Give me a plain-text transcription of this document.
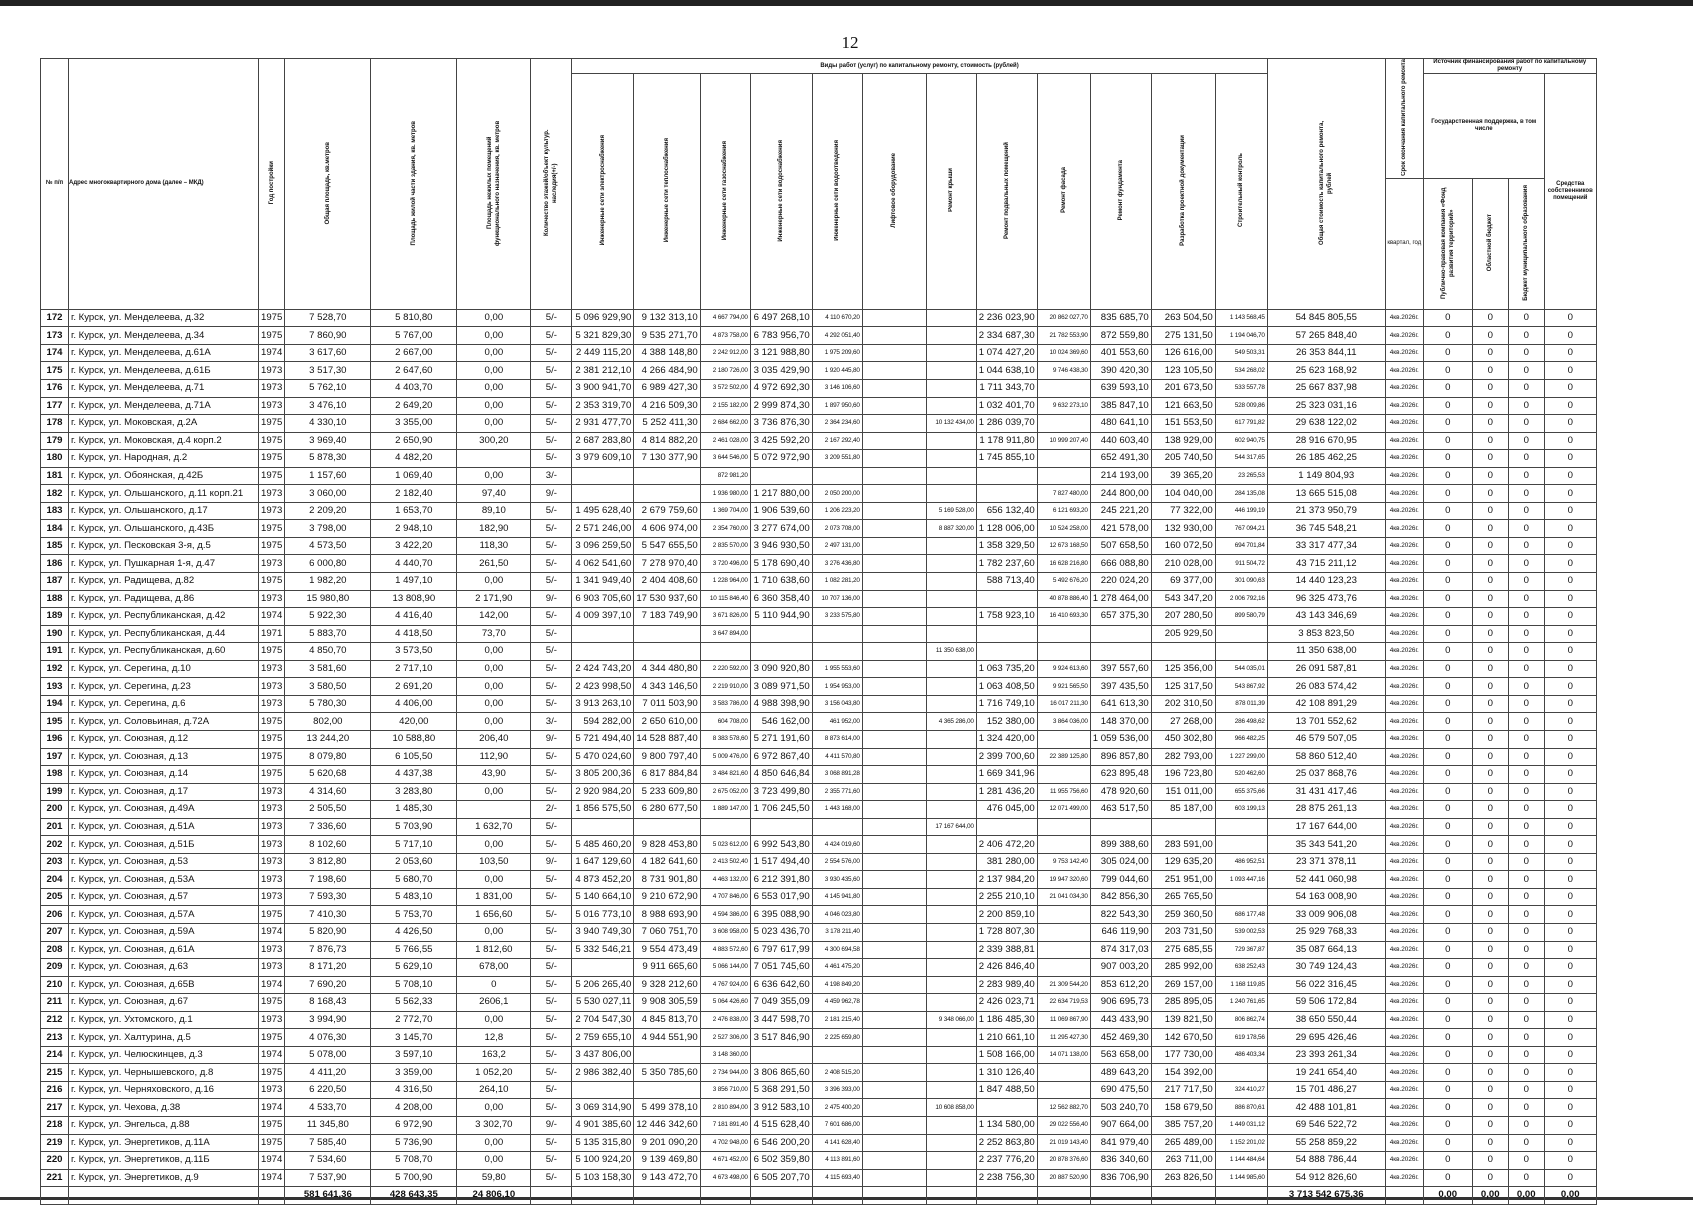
12
№ п/п	Адрес многоквартирного дома (далее – МКД)	Год постройки	Общая площадь, кв.метров	Площадь жилой части здания, кв. метров	Площадь нежилых помещений функционального назначения, кв. метров	Количество этажей/объект культур. наследия(+/-)	Виды работ (услуг) по капитальному ремонту, стоимость (рублей)												Общая стоимость капитального ремонта, рублей	Срок окончания капитального ремонта	Источник финансирования работ по капитальному ремонту			
							Инженерные сети электроснабжения	Инженерные сети теплоснабжения	Инженерные сети газоснабжения	Инженерные сети водоснабжения	Инженерные сети водоотведения	Лифтовое оборудование	Ремонт крыши	Ремонт подвальных помещений	Ремонт фасада	Ремонт фундамента	Разработка проектной документации	Строительный контроль			Государственная поддержка, в том числе			Средства собственников помещений
																				квартал, год	Публично-правовая компания «Фонд развития территорий»	Областной бюджет	Бюджет муниципального образования	
172	г. Курск, ул. Менделеева, д.32	1975	7 528,70	5 810,80	0,00	5/-	5 096 929,90	9 132 313,10	4 667 794,00	6 497 268,10	4 110 670,20			2 236 023,90	20 862 027,70	835 685,70	263 504,50	1 143 568,45	54 845 805,55	4кв.2026г.	0	0	0	0
173	г. Курск, ул. Менделеева, д.34	1975	7 860,90	5 767,00	0,00	5/-	5 321 829,30	9 535 271,70	4 873 758,00	6 783 956,70	4 292 051,40			2 334 687,30	21 782 553,90	872 559,80	275 131,50	1 194 046,70	57 265 848,40	4кв.2026г.	0	0	0	0
174	г. Курск, ул. Менделеева, д.61А	1974	3 617,60	2 667,00	0,00	5/-	2 449 115,20	4 388 148,80	2 242 912,00	3 121 988,80	1 975 209,60			1 074 427,20	10 024 369,60	401 553,60	126 616,00	549 503,31	26 353 844,11	4кв.2026г.	0	0	0	0
175	г. Курск, ул. Менделеева, д.61Б	1973	3 517,30	2 647,60	0,00	5/-	2 381 212,10	4 266 484,90	2 180 726,00	3 035 429,90	1 920 445,80			1 044 638,10	9 746 438,30	390 420,30	123 105,50	534 268,02	25 623 168,92	4кв.2026г.	0	0	0	0
176	г. Курск, ул. Менделеева, д.71	1973	5 762,10	4 403,70	0,00	5/-	3 900 941,70	6 989 427,30	3 572 502,00	4 972 692,30	3 146 106,60			1 711 343,70		639 593,10	201 673,50	533 557,78	25 667 837,98	4кв.2026г.	0	0	0	0
177	г. Курск, ул. Менделеева, д.71А	1973	3 476,10	2 649,20	0,00	5/-	2 353 319,70	4 216 509,30	2 155 182,00	2 999 874,30	1 897 950,60			1 032 401,70	9 632 273,10	385 847,10	121 663,50	528 009,86	25 323 031,16	4кв.2026г.	0	0	0	0
178	г. Курск, ул. Моковская, д.2А	1975	4 330,10	3 355,00	0,00	5/-	2 931 477,70	5 252 411,30	2 684 662,00	3 736 876,30	2 364 234,60		10 132 434,00	1 286 039,70		480 641,10	151 553,50	617 791,82	29 638 122,02	4кв.2026г.	0	0	0	0
179	г. Курск, ул. Моковская, д.4 корп.2	1975	3 969,40	2 650,90	300,20	5/-	2 687 283,80	4 814 882,20	2 461 028,00	3 425 592,20	2 167 292,40			1 178 911,80	10 999 207,40	440 603,40	138 929,00	602 940,75	28 916 670,95	4кв.2026г.	0	0	0	0
180	г. Курск, ул. Народная, д.2	1975	5 878,30	4 482,20		5/-	3 979 609,10	7 130 377,90	3 644 546,00	5 072 972,90	3 209 551,80			1 745 855,10		652 491,30	205 740,50	544 317,65	26 185 462,25	4кв.2026г.	0	0	0	0
181	г. Курск, ул. Обоянская, д.42Б	1975	1 157,60	1 069,40	0,00	3/-			872 981,20							214 193,00	39 365,20	23 265,53	1 149 804,93	4кв.2026г.	0	0	0	0
182	г. Курск, ул. Ольшанского, д.11 корп.21	1973	3 060,00	2 182,40	97,40	9/-			1 936 980,00	1 217 880,00	2 050 200,00				7 827 480,00	244 800,00	104 040,00	284 135,08	13 665 515,08	4кв.2026г.	0	0	0	0
183	г. Курск, ул. Ольшанского, д.17	1973	2 209,20	1 653,70	89,10	5/-	1 495 628,40	2 679 759,60	1 369 704,00	1 906 539,60	1 206 223,20		5 169 528,00	656 132,40	6 121 693,20	245 221,20	77 322,00	446 199,19	21 373 950,79	4кв.2026г.	0	0	0	0
184	г. Курск, ул. Ольшанского, д.43Б	1975	3 798,00	2 948,10	182,90	5/-	2 571 246,00	4 606 974,00	2 354 760,00	3 277 674,00	2 073 708,00		8 887 320,00	1 128 006,00	10 524 258,00	421 578,00	132 930,00	767 094,21	36 745 548,21	4кв.2026г.	0	0	0	0
185	г. Курск, ул. Песковская 3-я, д.5	1975	4 573,50	3 422,20	118,30	5/-	3 096 259,50	5 547 655,50	2 835 570,00	3 946 930,50	2 497 131,00			1 358 329,50	12 673 168,50	507 658,50	160 072,50	694 701,84	33 317 477,34	4кв.2026г.	0	0	0	0
186	г. Курск, ул. Пушкарная 1-я, д.47	1973	6 000,80	4 440,70	261,50	5/-	4 062 541,60	7 278 970,40	3 720 496,00	5 178 690,40	3 276 436,80			1 782 237,60	16 628 216,80	666 088,80	210 028,00	911 504,72	43 715 211,12	4кв.2026г.	0	0	0	0
187	г. Курск, ул. Радищева, д.82	1975	1 982,20	1 497,10	0,00	5/-	1 341 949,40	2 404 408,60	1 228 964,00	1 710 638,60	1 082 281,20			588 713,40	5 492 676,20	220 024,20	69 377,00	301 090,63	14 440 123,23	4кв.2026г.	0	0	0	0
188	г. Курск, ул. Радищева, д.86	1973	15 980,80	13 808,90	2 171,90	9/-	6 903 705,60	17 530 937,60	10 115 846,40	6 360 358,40	10 707 136,00				40 878 886,40	1 278 464,00	543 347,20	2 006 792,16	96 325 473,76	4кв.2026г.	0	0	0	0
189	г. Курск, ул. Республиканская, д.42	1974	5 922,30	4 416,40	142,00	5/-	4 009 397,10	7 183 749,90	3 671 826,00	5 110 944,90	3 233 575,80			1 758 923,10	16 410 693,30	657 375,30	207 280,50	899 580,79	43 143 346,69	4кв.2026г.	0	0	0	0
190	г. Курск, ул. Республиканская, д.44	1971	5 883,70	4 418,50	73,70	5/-			3 647 894,00								205 929,50		3 853 823,50	4кв.2026г.	0	0	0	0
191	г. Курск, ул. Республиканская, д.60	1975	4 850,70	3 573,50	0,00	5/-							11 350 638,00						11 350 638,00	4кв.2026г.	0	0	0	0
192	г. Курск, ул. Серегина, д.10	1973	3 581,60	2 717,10	0,00	5/-	2 424 743,20	4 344 480,80	2 220 592,00	3 090 920,80	1 955 553,60			1 063 735,20	9 924 613,60	397 557,60	125 356,00	544 035,01	26 091 587,81	4кв.2026г.	0	0	0	0
193	г. Курск, ул. Серегина, д.23	1973	3 580,50	2 691,20	0,00	5/-	2 423 998,50	4 343 146,50	2 219 910,00	3 089 971,50	1 954 953,00			1 063 408,50	9 921 565,50	397 435,50	125 317,50	543 867,92	26 083 574,42	4кв.2026г.	0	0	0	0
194	г. Курск, ул. Серегина, д.6	1973	5 780,30	4 406,00	0,00	5/-	3 913 263,10	7 011 503,90	3 583 786,00	4 988 398,90	3 156 043,80			1 716 749,10	16 017 211,30	641 613,30	202 310,50	878 011,39	42 108 891,29	4кв.2026г.	0	0	0	0
195	г. Курск, ул. Соловьиная, д.72А	1975	802,00	420,00	0,00	3/-	594 282,00	2 650 610,00	604 708,00	546 162,00	461 952,00		4 365 286,00	152 380,00	3 864 036,00	148 370,00	27 268,00	286 498,62	13 701 552,62	4кв.2026г.	0	0	0	0
196	г. Курск, ул. Союзная, д.12	1975	13 244,20	10 588,80	206,40	9/-	5 721 494,40	14 528 887,40	8 383 578,60	5 271 191,60	8 873 614,00			1 324 420,00		1 059 536,00	450 302,80	966 482,25	46 579 507,05	4кв.2026г.	0	0	0	0
197	г. Курск, ул. Союзная, д.13	1975	8 079,80	6 105,50	112,90	5/-	5 470 024,60	9 800 797,40	5 009 476,00	6 972 867,40	4 411 570,80			2 399 700,60	22 389 125,80	896 857,80	282 793,00	1 227 299,00	58 860 512,40	4кв.2026г.	0	0	0	0
198	г. Курск, ул. Союзная, д.14	1975	5 620,68	4 437,38	43,90	5/-	3 805 200,36	6 817 884,84	3 484 821,60	4 850 646,84	3 068 891,28			1 669 341,96		623 895,48	196 723,80	520 462,60	25 037 868,76	4кв.2026г.	0	0	0	0
199	г. Курск, ул. Союзная, д.17	1973	4 314,60	3 283,80	0,00	5/-	2 920 984,20	5 233 609,80	2 675 052,00	3 723 499,80	2 355 771,60			1 281 436,20	11 955 756,60	478 920,60	151 011,00	655 375,66	31 431 417,46	4кв.2026г.	0	0	0	0
200	г. Курск, ул. Союзная, д.49А	1973	2 505,50	1 485,30		2/-	1 856 575,50	6 280 677,50	1 889 147,00	1 706 245,50	1 443 168,00			476 045,00	12 071 499,00	463 517,50	85 187,00	603 199,13	28 875 261,13	4кв.2026г.	0	0	0	0
201	г. Курск, ул. Союзная, д.51А	1973	7 336,60	5 703,90	1 632,70	5/-							17 167 644,00						17 167 644,00	4кв.2026г.	0	0	0	0
202	г. Курск, ул. Союзная, д.51Б	1973	8 102,60	5 717,10	0,00	5/-	5 485 460,20	9 828 453,80	5 023 612,00	6 992 543,80	4 424 019,60			2 406 472,20		899 388,60	283 591,00		35 343 541,20	4кв.2026г.	0	0	0	0
203	г. Курск, ул. Союзная, д.53	1973	3 812,80	2 053,60	103,50	9/-	1 647 129,60	4 182 641,60	2 413 502,40	1 517 494,40	2 554 576,00			381 280,00	9 753 142,40	305 024,00	129 635,20	486 952,51	23 371 378,11	4кв.2026г.	0	0	0	0
204	г. Курск, ул. Союзная, д.53А	1973	7 198,60	5 680,70	0,00	5/-	4 873 452,20	8 731 901,80	4 463 132,00	6 212 391,80	3 930 435,60			2 137 984,20	19 947 320,60	799 044,60	251 951,00	1 093 447,16	52 441 060,98	4кв.2026г.	0	0	0	0
205	г. Курск, ул. Союзная, д.57	1973	7 593,30	5 483,10	1 831,00	5/-	5 140 664,10	9 210 672,90	4 707 846,00	6 553 017,90	4 145 941,80			2 255 210,10	21 041 034,30	842 856,30	265 765,50		54 163 008,90	4кв.2026г.	0	0	0	0
206	г. Курск, ул. Союзная, д.57А	1975	7 410,30	5 753,70	1 656,60	5/-	5 016 773,10	8 988 693,90	4 594 386,00	6 395 088,90	4 046 023,80			2 200 859,10		822 543,30	259 360,50	686 177,48	33 009 906,08	4кв.2026г.	0	0	0	0
207	г. Курск, ул. Союзная, д.59А	1974	5 820,90	4 426,50	0,00	5/-	3 940 749,30	7 060 751,70	3 608 958,00	5 023 436,70	3 178 211,40			1 728 807,30		646 119,90	203 731,50	539 002,53	25 929 768,33	4кв.2026г.	0	0	0	0
208	г. Курск, ул. Союзная, д.61А	1973	7 876,73	5 766,55	1 812,60	5/-	5 332 546,21	9 554 473,49	4 883 572,60	6 797 617,99	4 300 694,58			2 339 388,81		874 317,03	275 685,55	729 367,87	35 087 664,13	4кв.2026г.	0	0	0	0
209	г. Курск, ул. Союзная, д.63	1973	8 171,20	5 629,10	678,00	5/-		9 911 665,60	5 066 144,00	7 051 745,60	4 461 475,20			2 426 846,40		907 003,20	285 992,00	638 252,43	30 749 124,43	4кв.2026г.	0	0	0	0
210	г. Курск, ул. Союзная, д.65В	1974	7 690,20	5 708,10	0	5/-	5 206 265,40	9 328 212,60	4 767 924,00	6 636 642,60	4 198 849,20			2 283 989,40	21 309 544,20	853 612,20	269 157,00	1 168 119,85	56 022 316,45	4кв.2026г.	0	0	0	0
211	г. Курск, ул. Союзная, д.67	1975	8 168,43	5 562,33	2606,1	5/-	5 530 027,11	9 908 305,59	5 064 426,60	7 049 355,09	4 459 962,78			2 426 023,71	22 634 719,53	906 695,73	285 895,05	1 240 761,65	59 506 172,84	4кв.2026г.	0	0	0	0
212	г. Курск, ул. Ухтомского, д.1	1973	3 994,90	2 772,70	0,00	5/-	2 704 547,30	4 845 813,70	2 476 838,00	3 447 598,70	2 181 215,40		9 348 066,00	1 186 485,30	11 069 867,90	443 433,90	139 821,50	806 862,74	38 650 550,44	4кв.2026г.	0	0	0	0
213	г. Курск, ул. Халтурина, д.5	1975	4 076,30	3 145,70	12,8	5/-	2 759 655,10	4 944 551,90	2 527 306,00	3 517 846,90	2 225 659,80			1 210 661,10	11 295 427,30	452 469,30	142 670,50	619 178,56	29 695 426,46	4кв.2026г.	0	0	0	0
214	г. Курск, ул. Челюскинцев, д.3	1974	5 078,00	3 597,10	163,2	5/-	3 437 806,00		3 148 360,00					1 508 166,00	14 071 138,00	563 658,00	177 730,00	486 403,34	23 393 261,34	4кв.2026г.	0	0	0	0
215	г. Курск, ул. Чернышевского, д.8	1975	4 411,20	3 359,00	1 052,20	5/-	2 986 382,40	5 350 785,60	2 734 944,00	3 806 865,60	2 408 515,20			1 310 126,40		489 643,20	154 392,00		19 241 654,40	4кв.2026г.	0	0	0	0
216	г. Курск, ул. Черняховского, д.16	1973	6 220,50	4 316,50	264,10	5/-			3 856 710,00	5 368 291,50	3 396 393,00			1 847 488,50		690 475,50	217 717,50	324 410,27	15 701 486,27	4кв.2026г.	0	0	0	0
217	г. Курск, ул. Чехова, д.38	1974	4 533,70	4 208,00	0,00	5/-	3 069 314,90	5 499 378,10	2 810 894,00	3 912 583,10	2 475 400,20		10 608 858,00		12 562 882,70	503 240,70	158 679,50	886 870,61	42 488 101,81	4кв.2026г.	0	0	0	0
218	г. Курск, ул. Энгельса, д.88	1975	11 345,80	6 972,90	3 302,70	9/-	4 901 385,60	12 446 342,60	7 181 891,40	4 515 628,40	7 601 686,00			1 134 580,00	29 022 556,40	907 664,00	385 757,20	1 449 031,12	69 546 522,72	4кв.2026г.	0	0	0	0
219	г. Курск, ул. Энергетиков, д.11А	1975	7 585,40	5 736,90	0,00	5/-	5 135 315,80	9 201 090,20	4 702 948,00	6 546 200,20	4 141 628,40			2 252 863,80	21 019 143,40	841 979,40	265 489,00	1 152 201,02	55 258 859,22	4кв.2026г.	0	0	0	0
220	г. Курск, ул. Энергетиков, д.11Б	1974	7 534,60	5 708,70	0,00	5/-	5 100 924,20	9 139 469,80	4 671 452,00	6 502 359,80	4 113 891,60			2 237 776,20	20 878 376,60	836 340,60	263 711,00	1 144 484,64	54 888 786,44	4кв.2026г.	0	0	0	0
221	г. Курск, ул. Энергетиков, д.9	1974	7 537,90	5 700,90	59,80	5/-	5 103 158,30	9 143 472,70	4 673 498,00	6 505 207,70	4 115 693,40			2 238 756,30	20 887 520,90	836 706,90	263 826,50	1 144 985,60	54 912 826,60	4кв.2026г.	0	0	0	0
			581 641,36	428 643,35	24 806,10														3 713 542 675,36		0,00	0,00	0,00	0,00
